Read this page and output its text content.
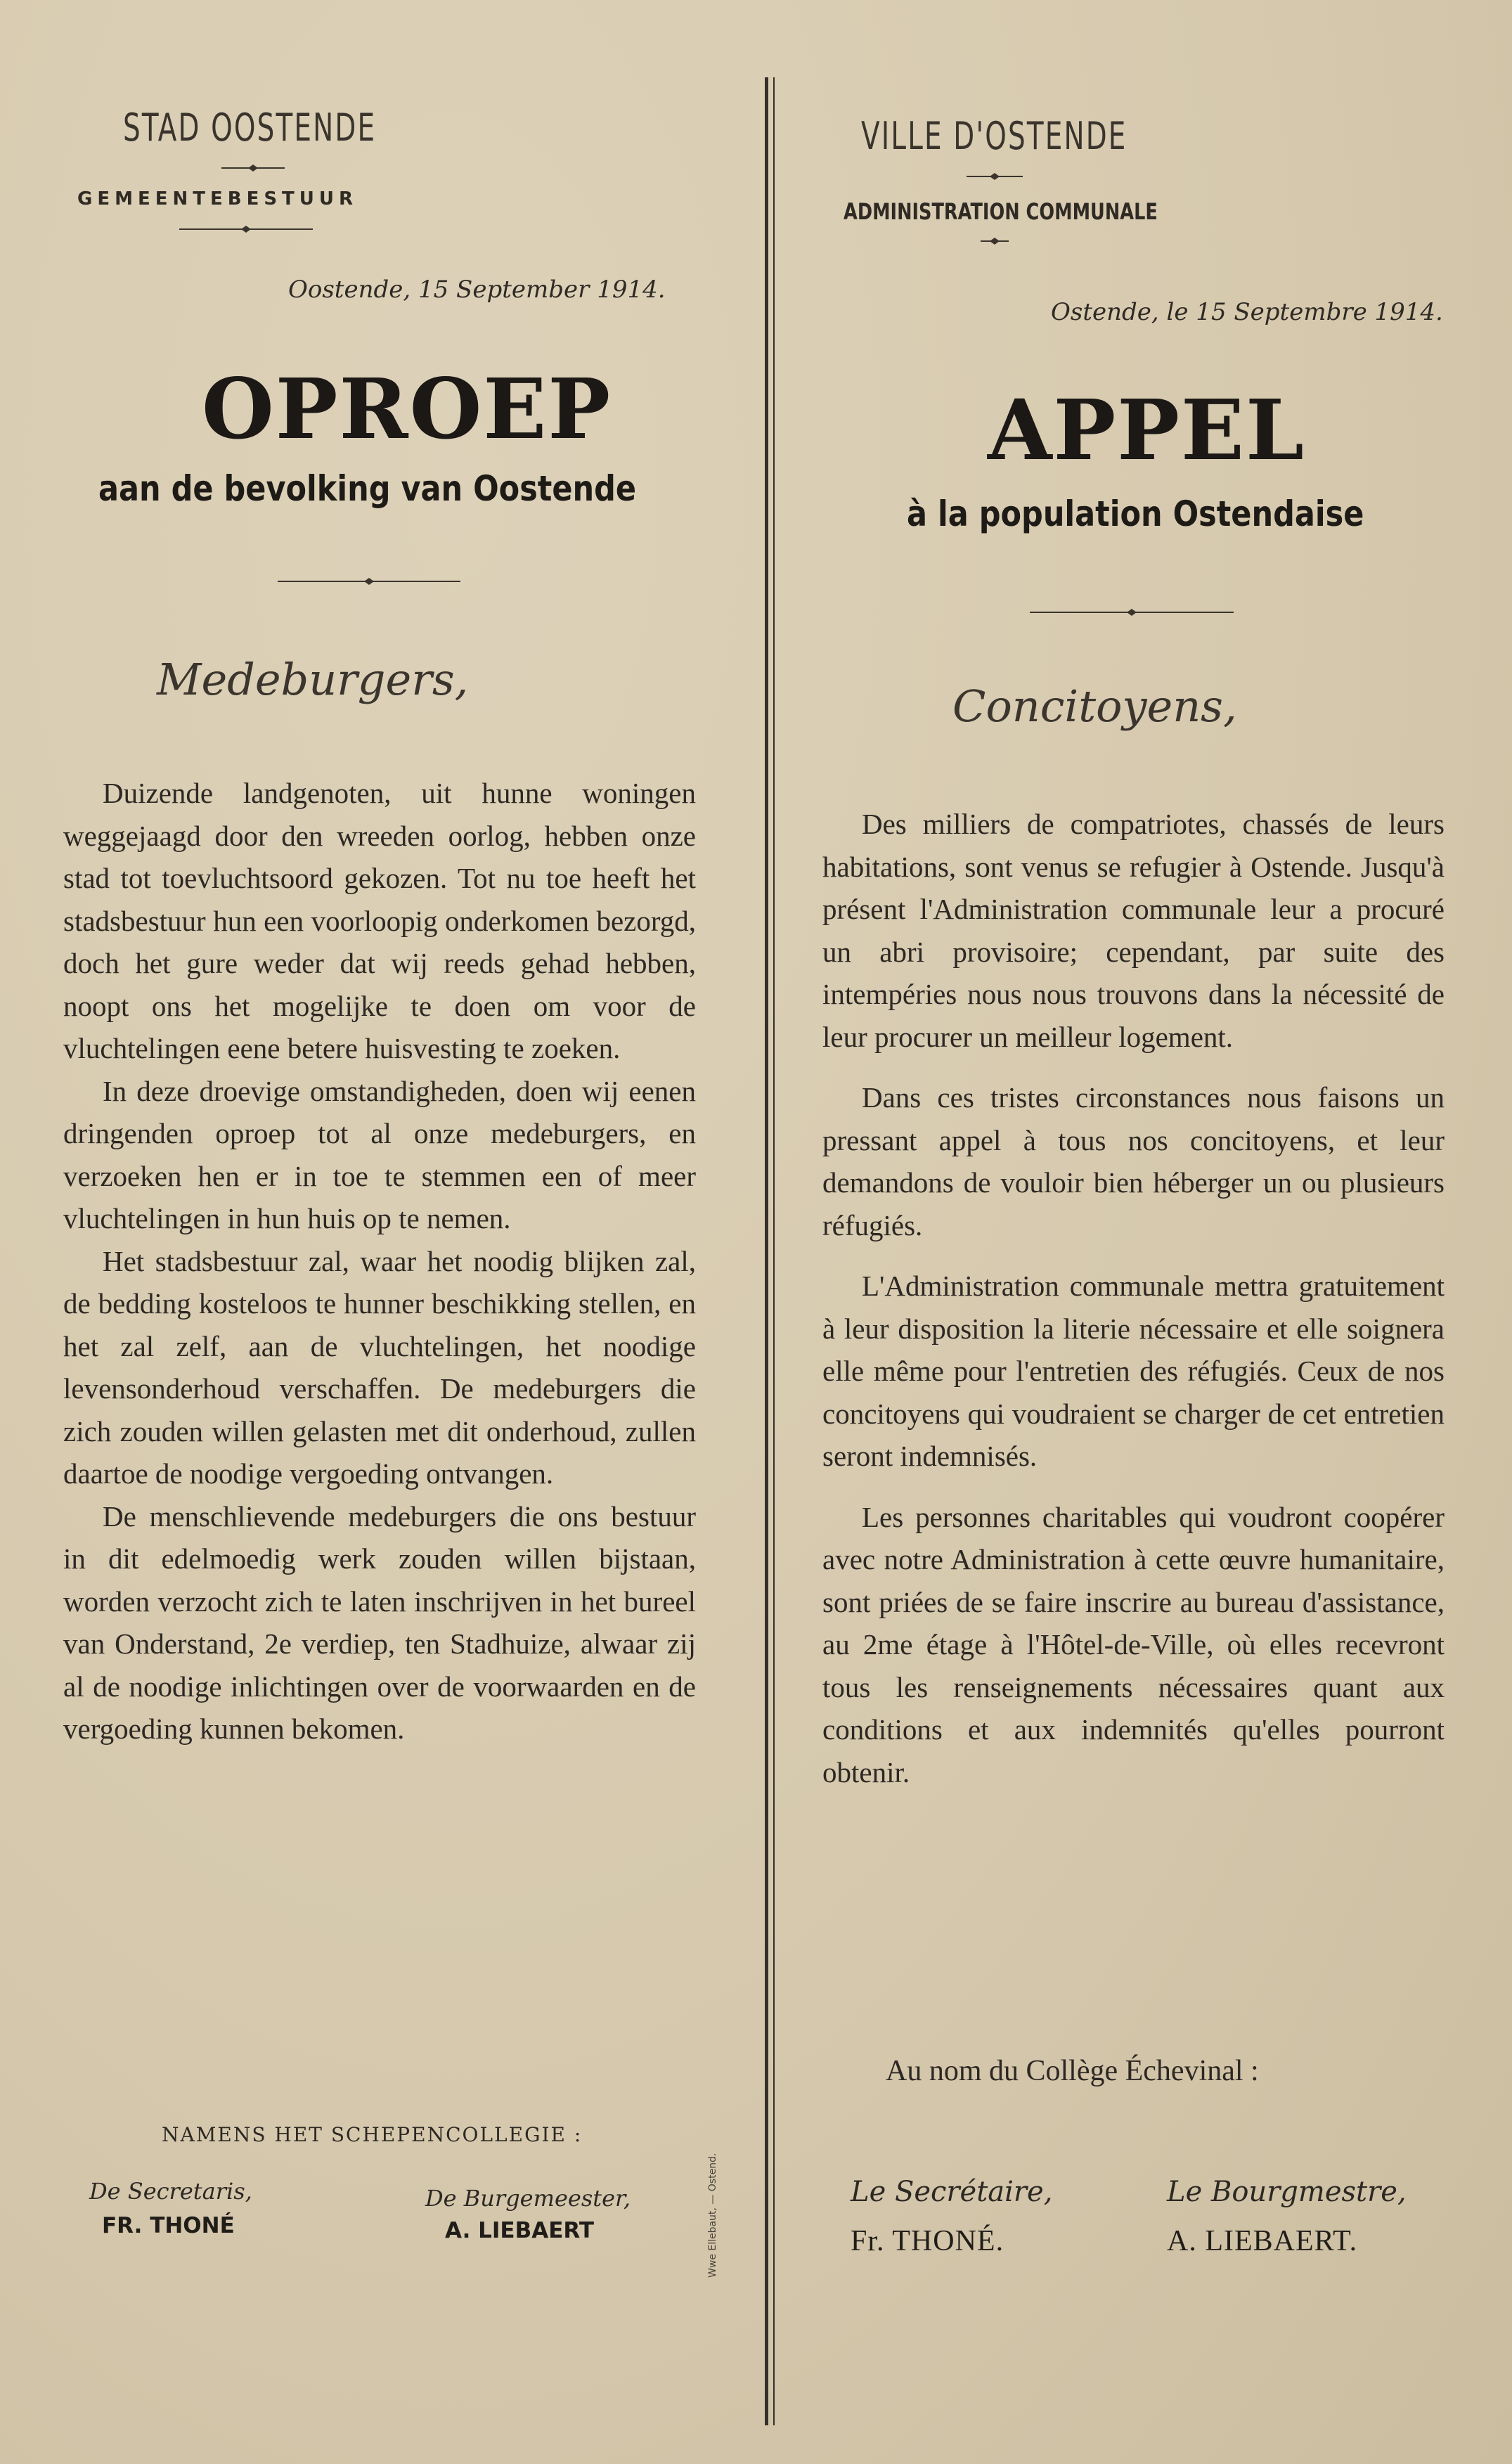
STAD OOSTENDE
GEMEENTEBESTUUR
Oostende, 15 September 1914.
OPROEP
aan de bevolking van Oostende
Medeburgers,

Duizende landgenoten, uit hunne woningen weggejaagd door den wreeden oorlog, hebben onze stad tot toevluchtsoord gekozen. Tot nu toe heeft het stadsbestuur hun een voorloopig onderkomen bezorgd, doch het gure weder dat wij reeds gehad hebben, noopt ons het mogelijke te doen om voor de vluchtelingen eene betere huisvesting te zoeken.

In deze droevige omstandigheden, doen wij eenen dringenden oproep tot al onze medeburgers, en verzoeken hen er in toe te stemmen een of meer vluchtelingen in hun huis op te nemen.

Het stadsbestuur zal, waar het noodig blijken zal, de bedding kosteloos te hunner beschikking stellen, en het zal zelf, aan de vluchtelingen, het noodige levensonderhoud verschaffen. De medeburgers die zich zouden willen gelasten met dit onderhoud, zullen daartoe de noodige vergoeding ontvangen.

De menschlievende medeburgers die ons bestuur in dit edelmoedig werk zouden willen bijstaan, worden verzocht zich te laten inschrijven in het bureel van Onderstand, 2e verdiep, ten Stadhuize, alwaar zij al de noodige inlichtingen over de voorwaarden en de vergoeding kunnen bekomen.

NAMENS HET SCHEPENCOLLEGIE :
De Secretaris,
FR. THONÉ
De Burgemeester,
A. LIEBAERT
VILLE D'OSTENDE
ADMINISTRATION COMMUNALE
Ostende, le 15 Septembre 1914.
APPEL
à la population Ostendaise
Concitoyens,

Des milliers de compatriotes, chassés de leurs habitations, sont venus se refugier à Ostende. Jusqu'à présent l'Administration communale leur a procuré un abri provisoire; cependant, par suite des intempéries nous nous trouvons dans la nécessité de leur procurer un meilleur logement.

Dans ces tristes circonstances nous faisons un pressant appel à tous nos concitoyens, et leur demandons de vouloir bien héberger un ou plusieurs réfugiés.

L'Administration communale mettra gratuitement à leur disposition la literie nécessaire et elle soignera elle même pour l'entretien des réfugiés. Ceux de nos concitoyens qui voudraient se charger de cet entretien seront indemnisés.

Les personnes charitables qui voudront coopérer avec notre Administration à cette œuvre humanitaire, sont priées de se faire inscrire au bureau d'assistance, au 2me étage à l'Hôtel-de-Ville, où elles recevront tous les renseignements nécessaires quant aux conditions et aux indemnités qu'elles pourront obtenir.

Au nom du Collège Échevinal :
Le Secrétaire,
Fr. THONÉ.
Le Bourgmestre,
A. LIEBAERT.
Wwe Ellebaut, — Ostend.
